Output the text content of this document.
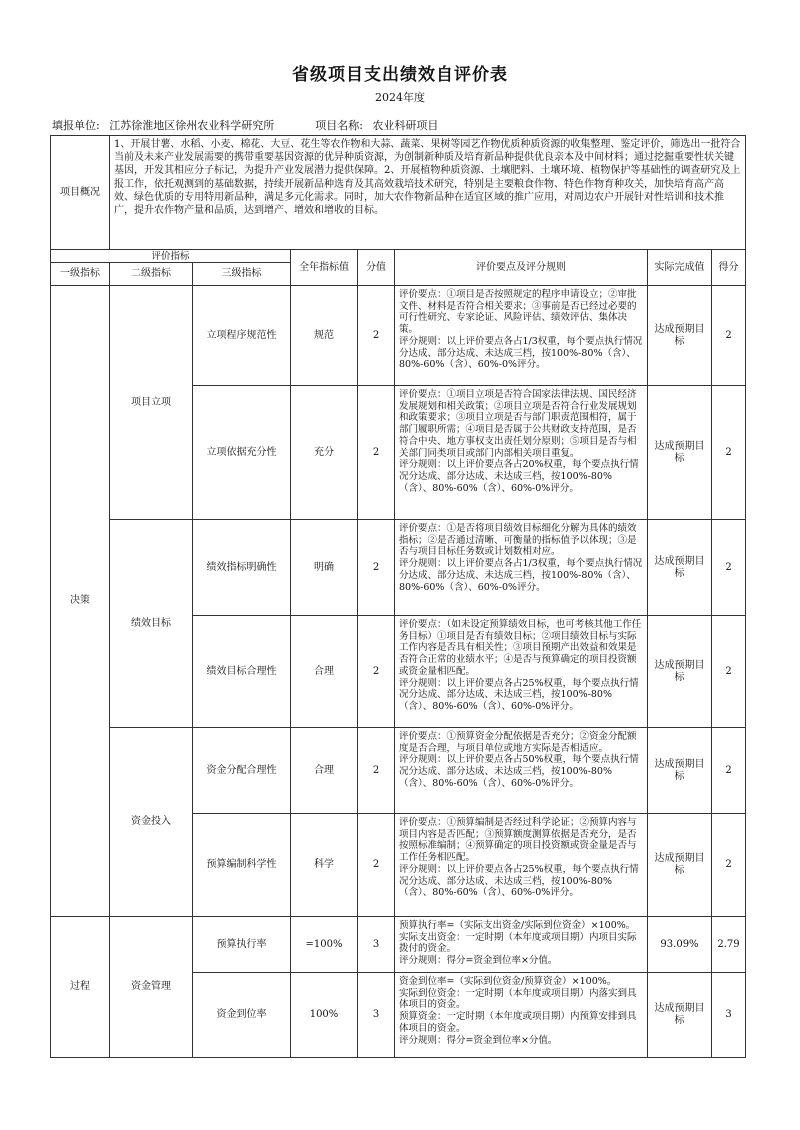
省级项目支出绩效自评价表
2024年度
填报单位: 江苏徐淮地区徐州农业科学研究所	项目名称: 农业科研项目
项目概况	1、开展甘薯、水稻、小麦、棉花、大豆、花生等农作物和大蒜、蔬菜、果树等园艺作物优质种质资源的收集整理、鉴定评价，筛选出一批符合当前及未来产业发展需要的携带重要基因资源的优异种质资源，为创制新种质及培育新品种提供优良亲本及中间材料；通过挖掘重要性状关键基因，开发其相应分子标记，为提升产业发展潜力提供保障。2、开展植物种质资源、土壤肥料、土壤环境、植物保护等基础性的调查研究及上报工作，依托观测到的基础数据，持续开展新品种选育及其高效栽培技术研究，特别是主要粮食作物、特色作物育种攻关，加快培育高产高效、绿色优质的专用特用新品种，满足多元化需求。同时，加大农作物新品种在适宜区域的推广应用，对周边农户开展针对性培训和技术推广，提升农作物产量和品质，达到增产、增效和增收的目标。						
评价指标			全年指标值	分值	评价要点及评分规则	实际完成值	得分
一级指标	二级指标	三级指标					
决策	项目立项	立项程序规范性	规范	2	评价要点：①项目是否按照规定的程序申请设立；②审批文件、材料是否符合相关要求；③事前是否已经过必要的可行性研究、专家论证、风险评估、绩效评估、集体决策。
评分规则：以上评价要点各占1/3权重，每个要点执行情况分达成、部分达成、未达成三档，按100%-80%（含）、80%-60%（含）、60%-0%评分。	达成预期目标	2
		立项依据充分性	充分	2	评价要点：①项目立项是否符合国家法律法规、国民经济发展规划和相关政策；②项目立项是否符合行业发展规划和政策要求；③项目立项是否与部门职责范围相符，属于部门履职所需；④项目是否属于公共财政支持范围，是否符合中央、地方事权支出责任划分原则；⑤项目是否与相关部门同类项目或部门内部相关项目重复。
评分规则：以上评价要点各占20%权重，每个要点执行情况分达成、部分达成、未达成三档，按100%-80%（含）、80%-60%（含）、60%-0%评分。	达成预期目标	2
	绩效目标	绩效指标明确性	明确	2	评价要点：①是否将项目绩效目标细化分解为具体的绩效指标；②是否通过清晰、可衡量的指标值予以体现；③是否与项目目标任务数或计划数相对应。
评分规则：以上评价要点各占1/3权重，每个要点执行情况分达成、部分达成、未达成三档，按100%-80%（含）、80%-60%（含）、60%-0%评分。	达成预期目标	2
		绩效目标合理性	合理	2	评价要点：（如未设定预算绩效目标，也可考核其他工作任务目标）①项目是否有绩效目标；②项目绩效目标与实际工作内容是否具有相关性；③项目预期产出效益和效果是否符合正常的业绩水平；④是否与预算确定的项目投资额或资金量相匹配。
评分规则：以上评价要点各占25%权重，每个要点执行情况分达成、部分达成、未达成三档，按100%-80%（含）、80%-60%（含）、60%-0%评分。	达成预期目标	2
	资金投入	资金分配合理性	合理	2	评价要点：①预算资金分配依据是否充分；②资金分配额度是否合理，与项目单位或地方实际是否相适应。
评分规则：以上评价要点各占50%权重，每个要点执行情况分达成、部分达成、未达成三档，按100%-80%（含）、80%-60%（含）、60%-0%评分。	达成预期目标	2
		预算编制科学性	科学	2	评价要点：①预算编制是否经过科学论证；②预算内容与项目内容是否匹配；③预算额度测算依据是否充分，是否按照标准编制；④预算确定的项目投资额或资金量是否与工作任务相匹配。
评分规则：以上评价要点各占25%权重，每个要点执行情况分达成、部分达成、未达成三档，按100%-80%（含）、80%-60%（含）、60%-0%评分。	达成预期目标	2
过程	资金管理	预算执行率	=100%	3	预算执行率=（实际支出资金/实际到位资金）×100%。
实际支出资金：一定时期（本年度或项目期）内项目实际拨付的资金。
评分规则：得分=资金到位率×分值。	93.09%	2.79
		资金到位率	100%	3	资金到位率=（实际到位资金/预算资金）×100%。
实际到位资金：一定时期（本年度或项目期）内落实到具体项目的资金。
预算资金：一定时期（本年度或项目期）内预算安排到具体项目的资金。
评分规则：得分=资金到位率×分值。	达成预期目标	3
